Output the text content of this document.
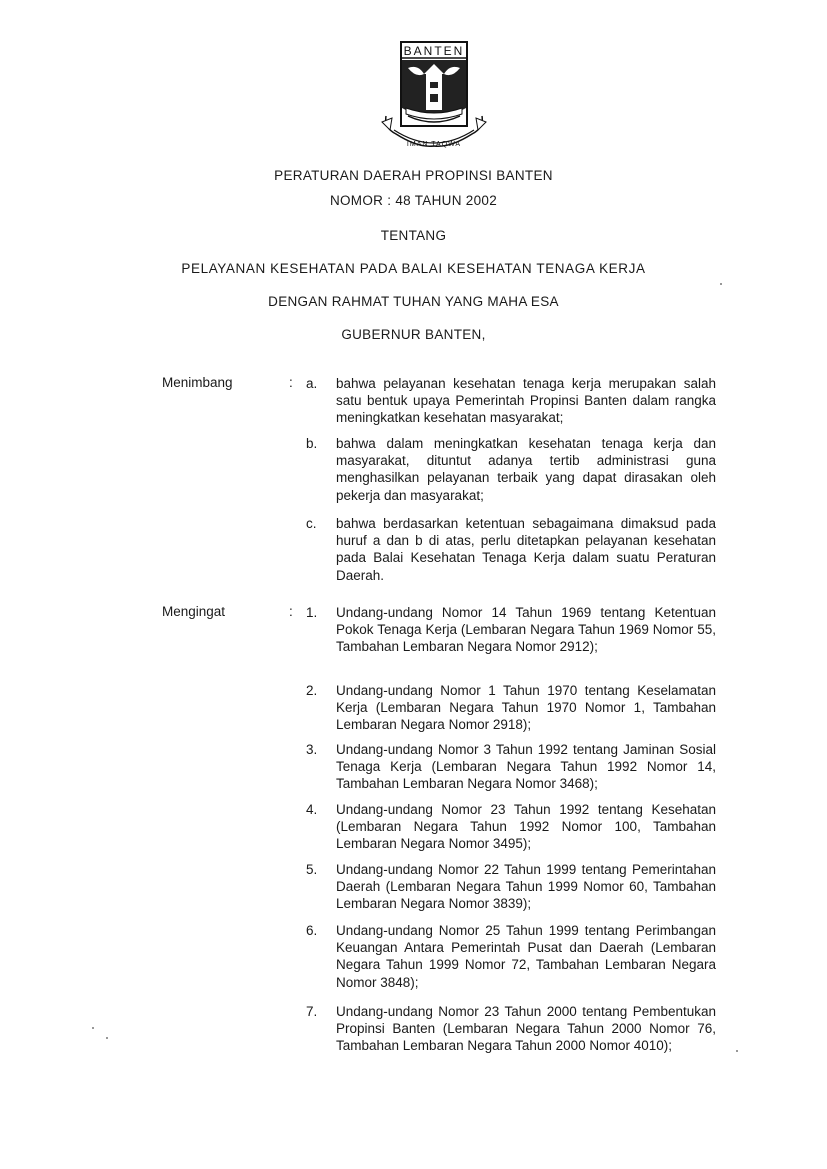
BANTEN
IMAN TAQWA
PERATURAN DAERAH PROPINSI BANTEN
NOMOR : 48 TAHUN 2002
TENTANG
PELAYANAN KESEHATAN PADA BALAI KESEHATAN TENAGA KERJA
DENGAN RAHMAT TUHAN YANG MAHA ESA
GUBERNUR BANTEN,
Menimbang	: a.	bahwa pelayanan kesehatan tenaga kerja merupakan salah satu bentuk upaya Pemerintah Propinsi Banten dalam rangka meningkatkan kesehatan masyarakat;
b.	bahwa dalam meningkatkan kesehatan tenaga kerja dan masyarakat, dituntut adanya tertib administrasi guna menghasilkan pelayanan terbaik yang dapat dirasakan oleh pekerja dan masyarakat;
c.	bahwa berdasarkan ketentuan sebagaimana dimaksud pada huruf a dan b di atas, perlu ditetapkan pelayanan kesehatan pada Balai Kesehatan Tenaga Kerja dalam suatu Peraturan Daerah.
Mengingat	: 1.	Undang-undang Nomor 14 Tahun 1969 tentang Ketentuan Pokok Tenaga Kerja (Lembaran Negara Tahun 1969 Nomor 55, Tambahan Lembaran Negara Nomor 2912);
2.	Undang-undang Nomor 1 Tahun 1970 tentang Keselamatan Kerja (Lembaran Negara Tahun 1970 Nomor 1, Tambahan Lembaran Negara Nomor 2918);
3.	Undang-undang Nomor 3 Tahun 1992 tentang Jaminan Sosial Tenaga Kerja (Lembaran Negara Tahun 1992 Nomor 14, Tambahan Lembaran Negara Nomor 3468);
4.	Undang-undang Nomor 23 Tahun 1992 tentang Kesehatan (Lembaran Negara Tahun 1992 Nomor 100, Tambahan Lembaran Negara Nomor 3495);
5.	Undang-undang Nomor 22 Tahun 1999 tentang Pemerintahan Daerah (Lembaran Negara Tahun 1999 Nomor 60, Tambahan Lembaran Negara Nomor 3839);
6.	Undang-undang Nomor 25 Tahun 1999 tentang Perimbangan Keuangan Antara Pemerintah Pusat dan Daerah (Lembaran Negara Tahun 1999 Nomor 72, Tambahan Lembaran Negara Nomor 3848);
7.	Undang-undang Nomor 23 Tahun 2000 tentang Pembentukan Propinsi Banten (Lembaran Negara Tahun 2000 Nomor 76, Tambahan Lembaran Negara Tahun 2000 Nomor 4010);
